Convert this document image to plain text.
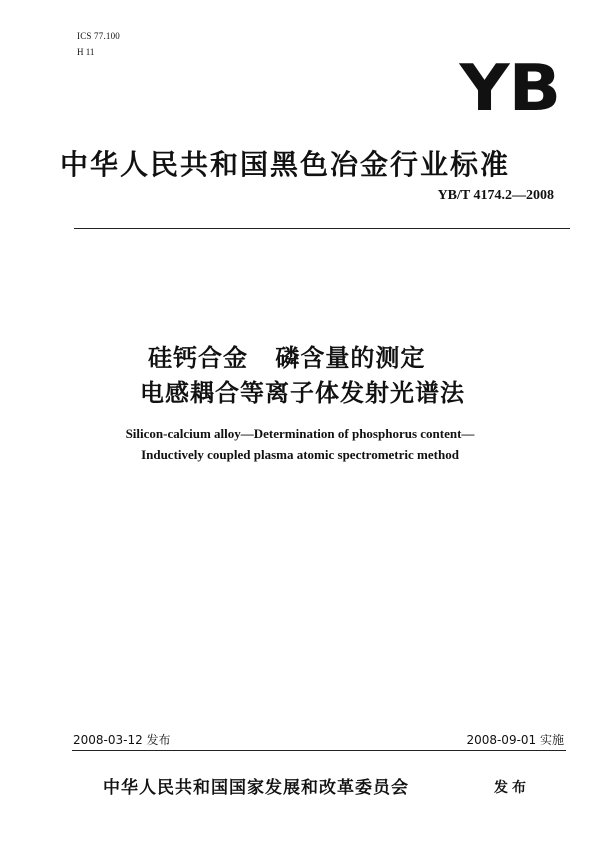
ICS 77.100
H 11	YB
中华人民共和国黑色冶金行业标准
YB/T 4174.2—2008
硅钙合金 磷含量的测定
电感耦合等离子体发射光谱法
Silicon-calcium alloy—Determination of phosphorus content—
Inductively coupled plasma atomic spectrometric method
2008-03-12 发布	2008-09-01 实施
中华人民共和国国家发展和改革委员会	发布
